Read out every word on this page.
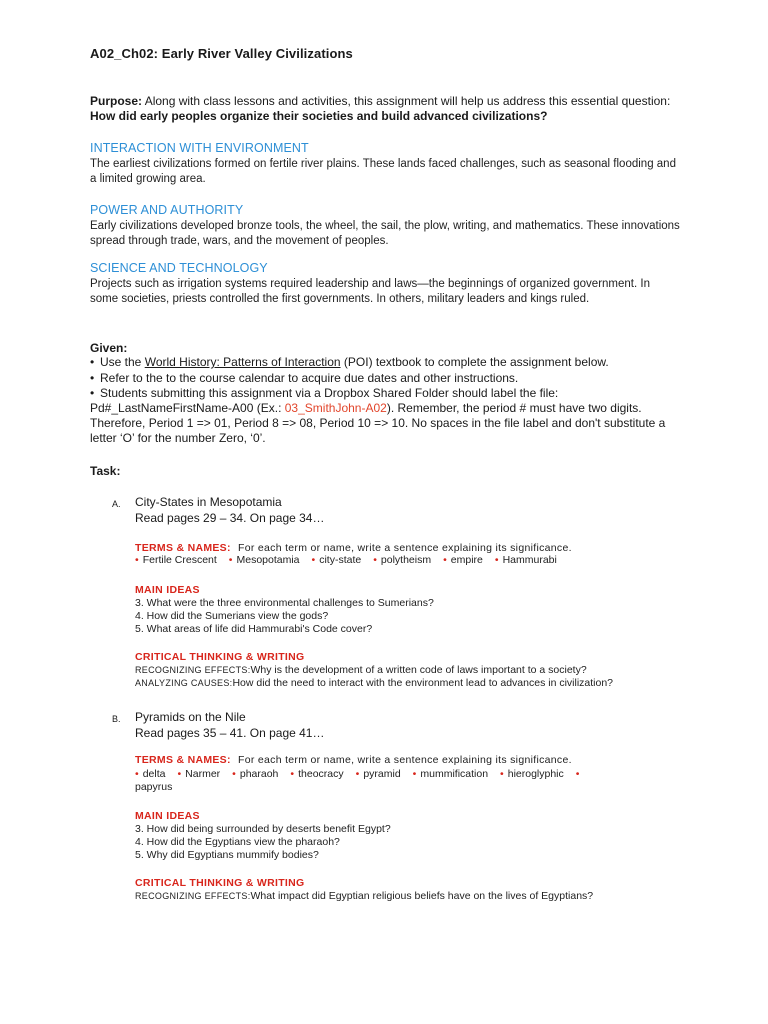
A02_Ch02: Early River Valley Civilizations
Purpose: Along with class lessons and activities, this assignment will help us address this essential question: How did early peoples organize their societies and build advanced civilizations?
INTERACTION WITH ENVIRONMENT
The earliest civilizations formed on fertile river plains. These lands faced challenges, such as seasonal flooding and a limited growing area.
POWER AND AUTHORITY
Early civilizations developed bronze tools, the wheel, the sail, the plow, writing, and mathematics. These innovations spread through trade, wars, and the movement of peoples.
SCIENCE AND TECHNOLOGY
Projects such as irrigation systems required leadership and laws—the beginnings of organized government. In some societies, priests controlled the first governments. In others, military leaders and kings ruled.
Given:
• Use the World History: Patterns of Interaction (POI) textbook to complete the assignment below.
• Refer to the to the course calendar to acquire due dates and other instructions.
• Students submitting this assignment via a Dropbox Shared Folder should label the file: Pd#_LastNameFirstName-A00 (Ex.: 03_SmithJohn-A02). Remember, the period # must have two digits. Therefore, Period 1 => 01, Period 8 => 08, Period 10 => 10. No spaces in the file label and don't substitute a letter ‘O’ for the number Zero, ‘0’.
Task:
A. City-States in Mesopotamia
Read pages 29 – 34. On page 34…
TERMS & NAMES: For each term or name, write a sentence explaining its significance.
• Fertile Crescent • Mesopotamia • city-state • polytheism • empire • Hammurabi
MAIN IDEAS
3. What were the three environmental challenges to Sumerians?
4. How did the Sumerians view the gods?
5. What areas of life did Hammurabi's Code cover?
CRITICAL THINKING & WRITING
RECOGNIZING EFFECTS:Why is the development of a written code of laws important to a society?
ANALYZING CAUSES:How did the need to interact with the environment lead to advances in civilization?
B. Pyramids on the Nile
Read pages 35 – 41. On page 41…
TERMS & NAMES: For each term or name, write a sentence explaining its significance.
• delta • Narmer • pharaoh • theocracy • pyramid • mummification • hieroglyphic •
papyrus
MAIN IDEAS
3. How did being surrounded by deserts benefit Egypt?
4. How did the Egyptians view the pharaoh?
5. Why did Egyptians mummify bodies?
CRITICAL THINKING & WRITING
RECOGNIZING EFFECTS:What impact did Egyptian religious beliefs have on the lives of Egyptians?
